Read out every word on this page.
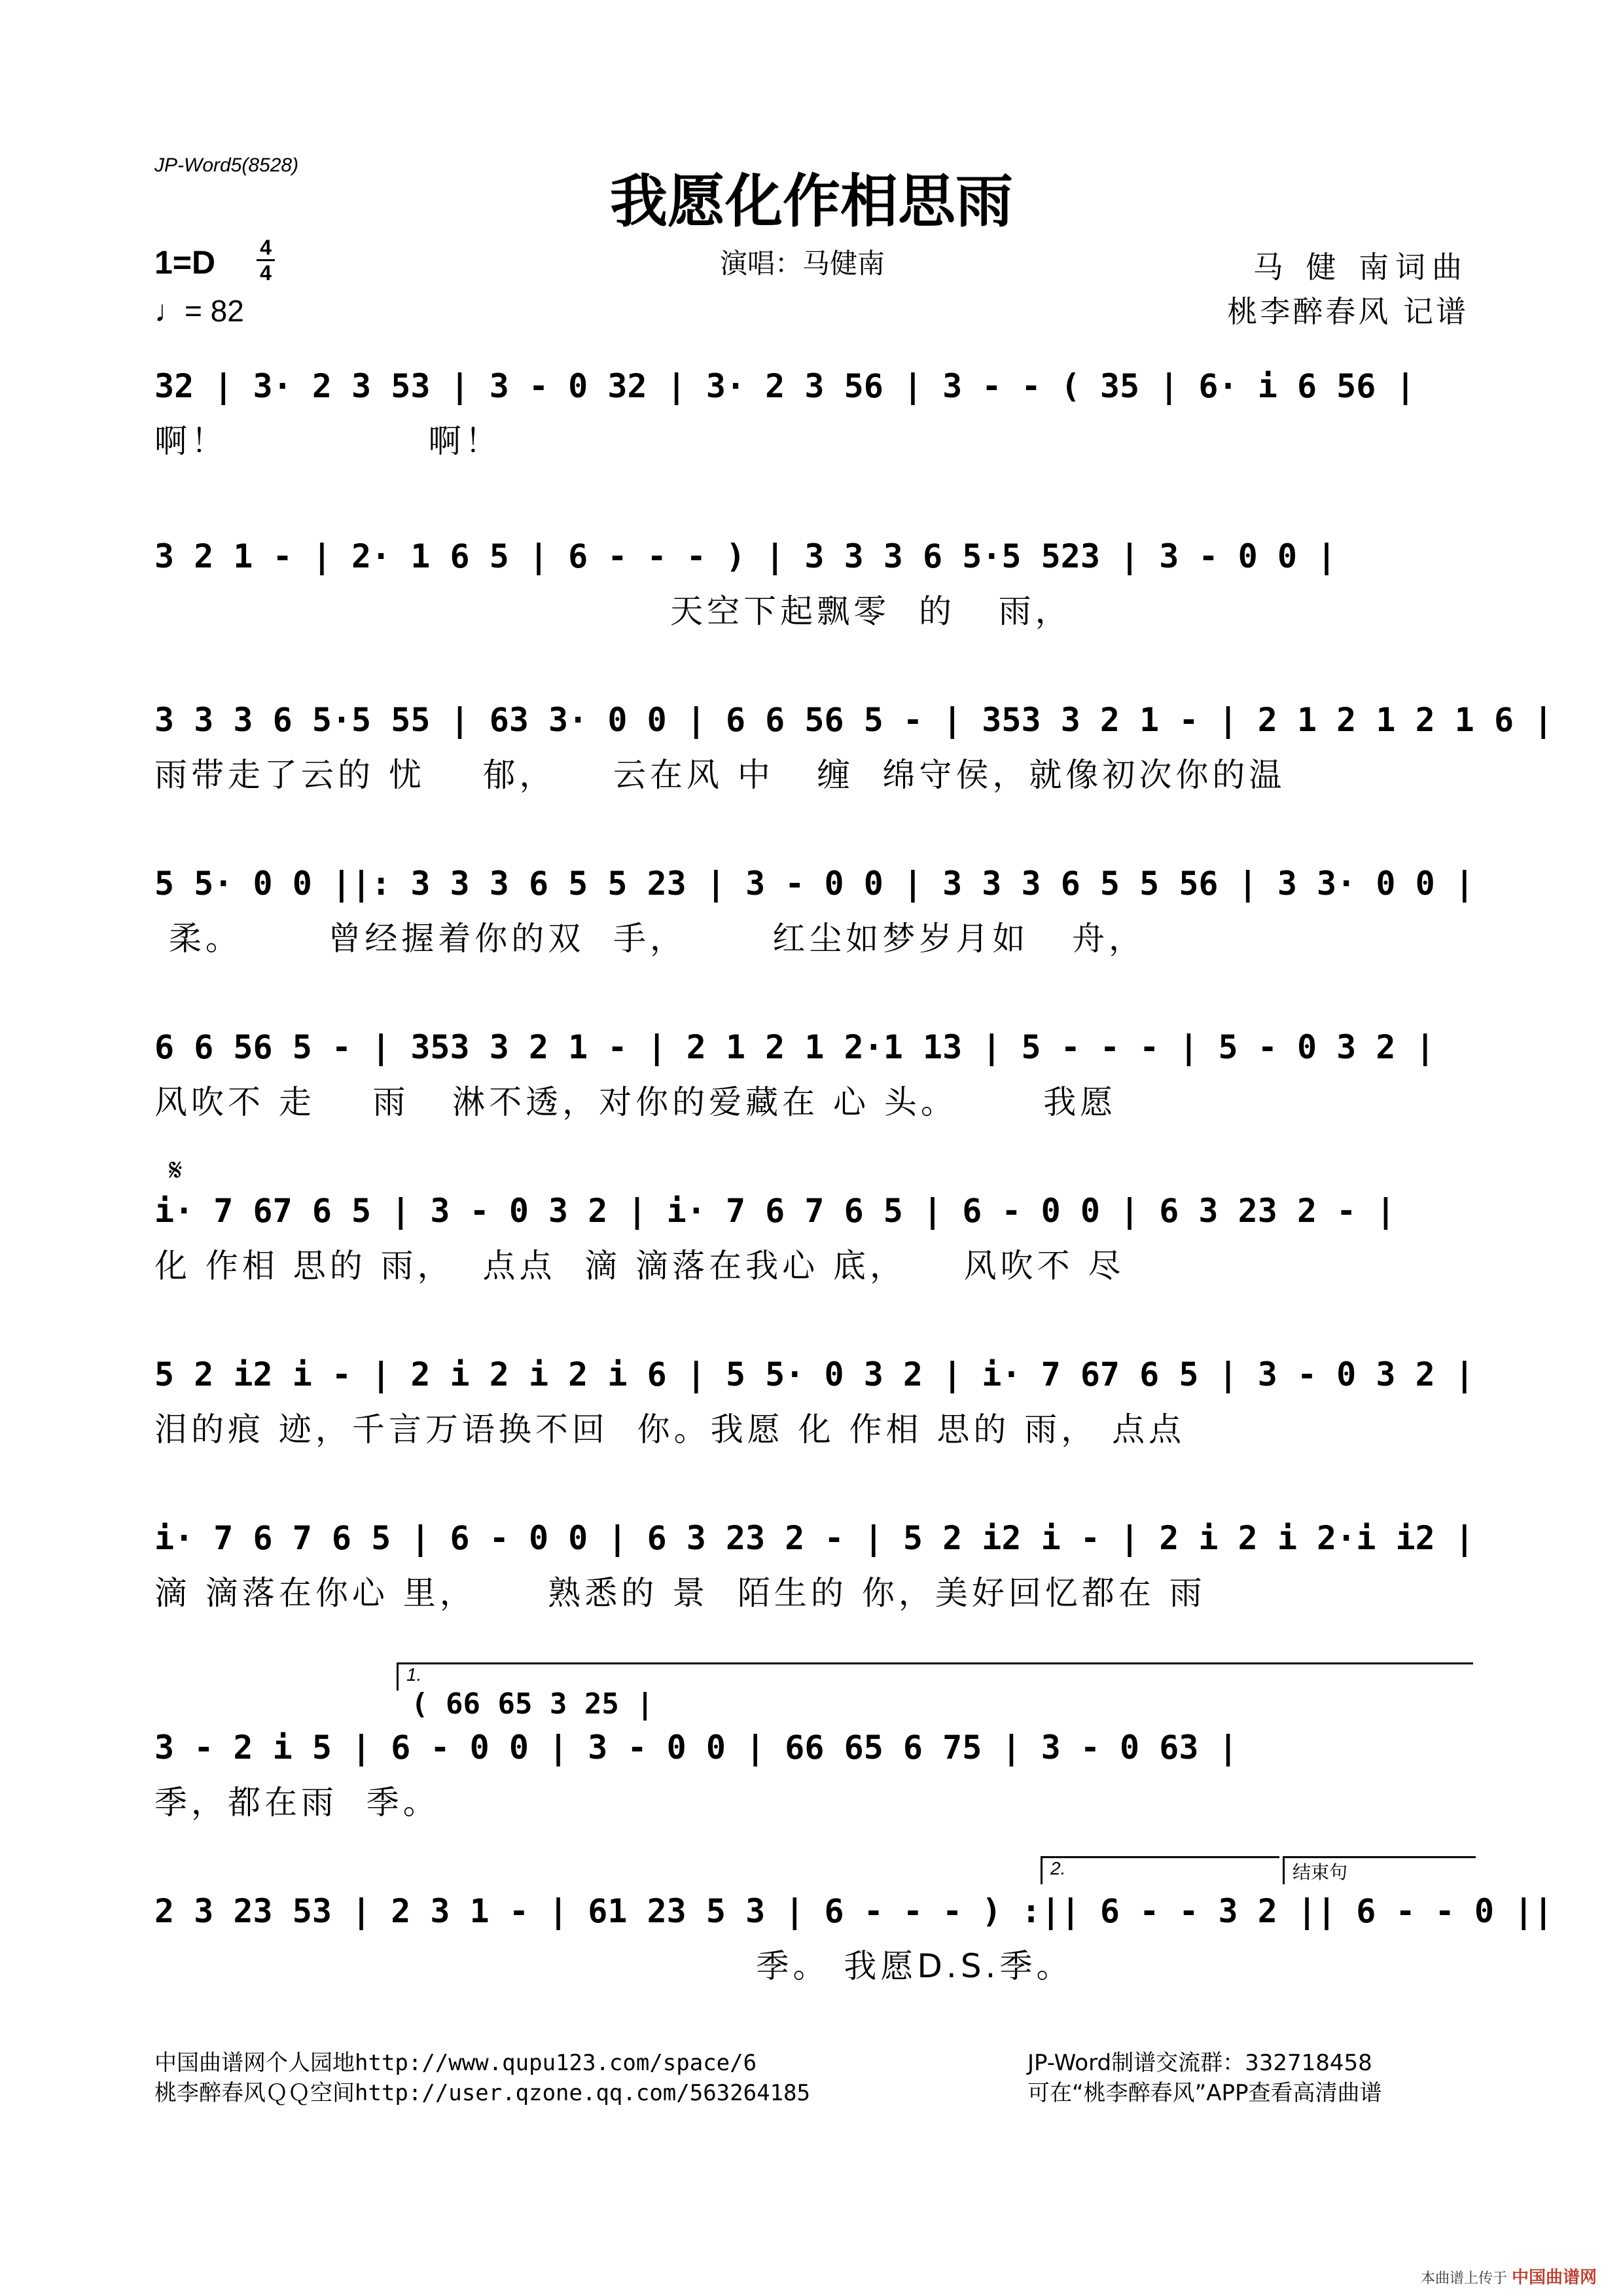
JP-Word5(8528)
我愿化作相思雨
1=D 4
4
♩= 82
演唱：马健南	马 健 南词曲
桃李醉春风 记谱
32 | 3· 2 3 53 | 3 - 0 32 | 3· 2 3 56 | 3 - - ( 35 | 6· i 6 56 |
啊！              啊！
3 2 1 - | 2· 1 6 5 | 6 - - - ) | 3 3 3 6 5·5 523 | 3 - 0 0 |
天空下起飘零  的   雨，
3 3 3 6 5·5 55 | 63 3· 0 0 | 6 6 56 5 - | 353 3 2 1 - | 2 1 2 1 2 1 6 |
雨带走了云的 忧    郁，    云在风 中   缠  绵守侯，就像初次你的温
5 5· 0 0 ||: 3 3 3 6 5 5 23 | 3 - 0 0 | 3 3 3 6 5 5 56 | 3 3· 0 0 |
柔。      曾经握着你的双  手，      红尘如梦岁月如   舟，
6 6 56 5 - | 353 3 2 1 - | 2 1 2 1 2·1 13 | 5 - - - | 5 - 0 3 2 |
风吹不 走    雨   淋不透，对你的爱藏在 心 头。      我愿
i· 7 67 6 5 | 3 - 0 3 2 | i· 7 6 7 6 5 | 6 - 0 0 | 6 3 23 2 - |
化 作相 思的 雨，  点点  滴 滴落在我心 底，    风吹不 尽
5 2 i2 i - | 2 i 2 i 2 i 6 | 5 5· 0 3 2 | i· 7 67 6 5 | 3 - 0 3 2 |
泪的痕 迹，千言万语换不回  你。我愿 化 作相 思的 雨， 点点
i· 7 6 7 6 5 | 6 - 0 0 | 6 3 23 2 - | 5 2 i2 i - | 2 i 2 i 2·i i2 |
滴 滴落在你心 里，     熟悉的 景  陌生的 你，美好回忆都在 雨
3 - 2 i 5 | 6 - 0 0 | 3 - 0 0 | 66 65 6 75 | 3 - 0 63 |
季，都在雨  季。
2 3 23 53 | 2 3 1 - | 61 23 5 3 | 6 - - - ) :|| 6 - - 3 2 || 6 - - 0 ||
季。 我愿D.S.季。
𝄋
1.
( 66 65 3 25 |
2.	结束句
中国曲谱网个人园地http://www.qupu123.com/space/6
桃李醉春风ＱＱ空间http://user.qzone.qq.com/563264185
JP-Word制谱交流群：332718458
可在“桃李醉春风”APP查看高清曲谱
本曲谱上传于 中国曲谱网
